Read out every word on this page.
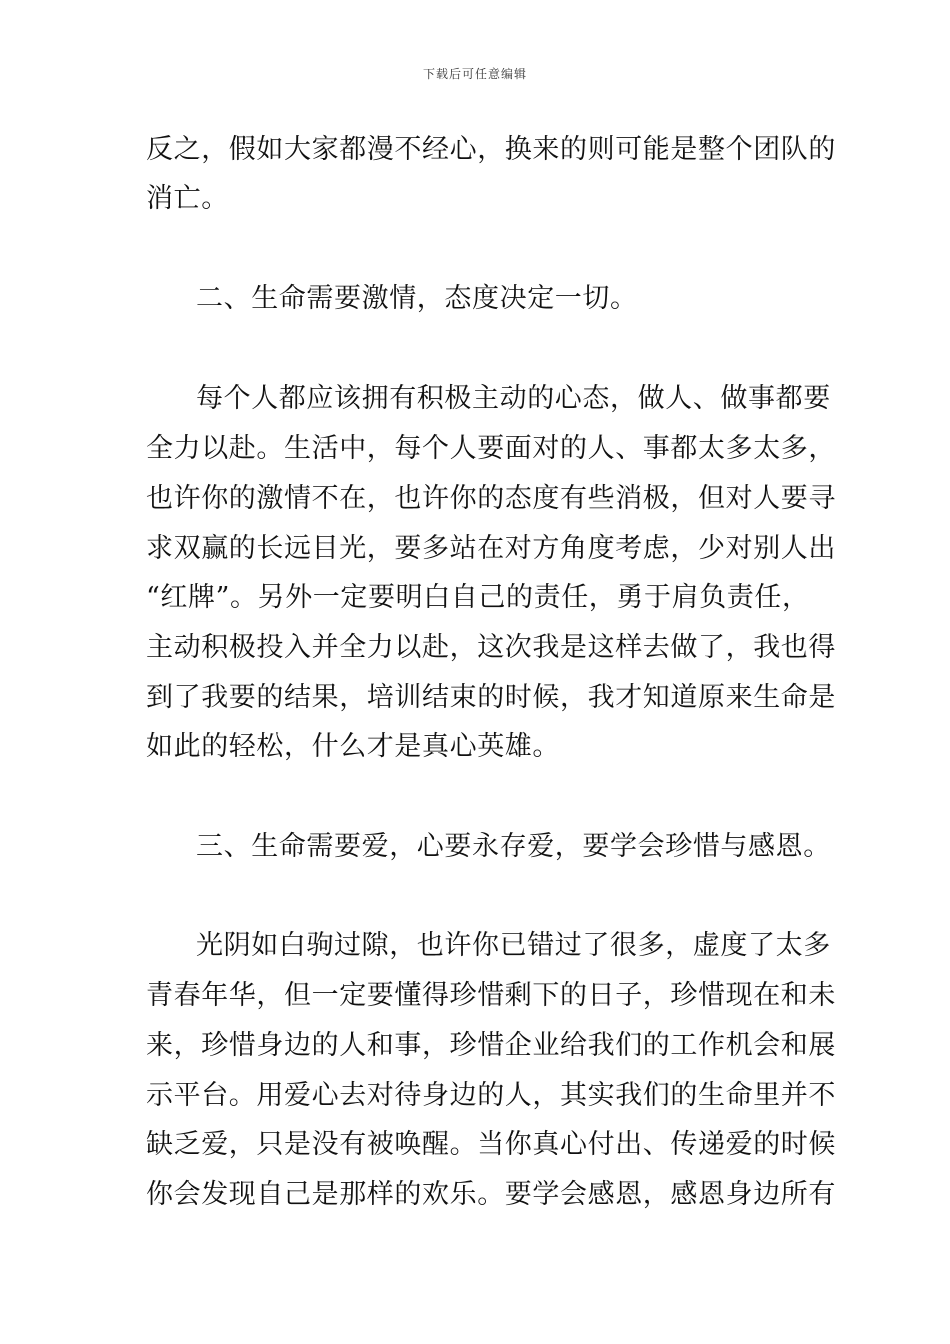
下载后可任意编辑
反之，假如大家都漫不经心，换来的则可能是整个团队的
消亡。
二、生命需要激情，态度决定一切。
每个人都应该拥有积极主动的心态，做人、做事都要
全力以赴。生活中，每个人要面对的人、事都太多太多，
也许你的激情不在，也许你的态度有些消极，但对人要寻
求双赢的长远目光，要多站在对方角度考虑，少对别人出
“红牌”。另外一定要明白自己的责任，勇于肩负责任，
主动积极投入并全力以赴，这次我是这样去做了，我也得
到了我要的结果，培训结束的时候，我才知道原来生命是
如此的轻松，什么才是真心英雄。
三、生命需要爱，心要永存爱，要学会珍惜与感恩。
光阴如白驹过隙，也许你已错过了很多，虚度了太多
青春年华，但一定要懂得珍惜剩下的日子，珍惜现在和未
来，珍惜身边的人和事，珍惜企业给我们的工作机会和展
示平台。用爱心去对待身边的人，其实我们的生命里并不
缺乏爱，只是没有被唤醒。当你真心付出、传递爱的时候
你会发现自己是那样的欢乐。要学会感恩，感恩身边所有
